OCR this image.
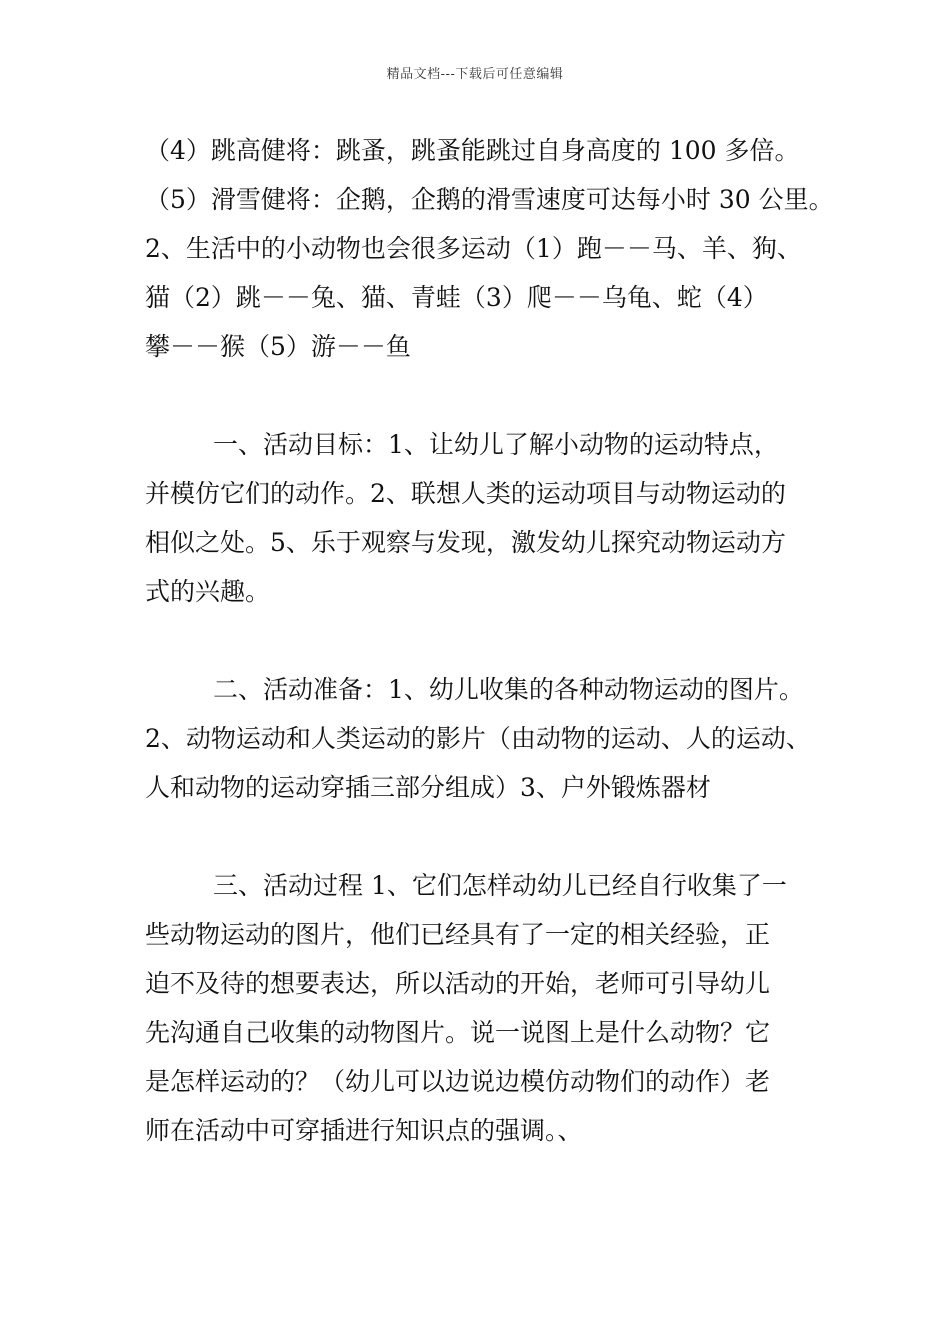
精品文档---下载后可任意编辑
（4）跳高健将：跳蚤，跳蚤能跳过自身高度的 100 多倍。
（5）滑雪健将：企鹅，企鹅的滑雪速度可达每小时 30 公里。
2、生活中的小动物也会很多运动（1）跑－－马、羊、狗、
猫（2）跳－－兔、猫、青蛙（3）爬－－乌龟、蛇（4）
攀－－猴（5）游－－鱼
一、活动目标：1、让幼儿了解小动物的运动特点，
并模仿它们的动作。2、联想人类的运动项目与动物运动的
相似之处。5、乐于观察与发现，激发幼儿探究动物运动方
式的兴趣。
二、活动准备：1、幼儿收集的各种动物运动的图片。
2、动物运动和人类运动的影片（由动物的运动、人的运动、
人和动物的运动穿插三部分组成）3、户外锻炼器材
三、活动过程 1、它们怎样动幼儿已经自行收集了一
些动物运动的图片，他们已经具有了一定的相关经验，正
迫不及待的想要表达，所以活动的开始，老师可引导幼儿
先沟通自己收集的动物图片。说一说图上是什么动物？它
是怎样运动的？（幼儿可以边说边模仿动物们的动作）老
师在活动中可穿插进行知识点的强调。、
